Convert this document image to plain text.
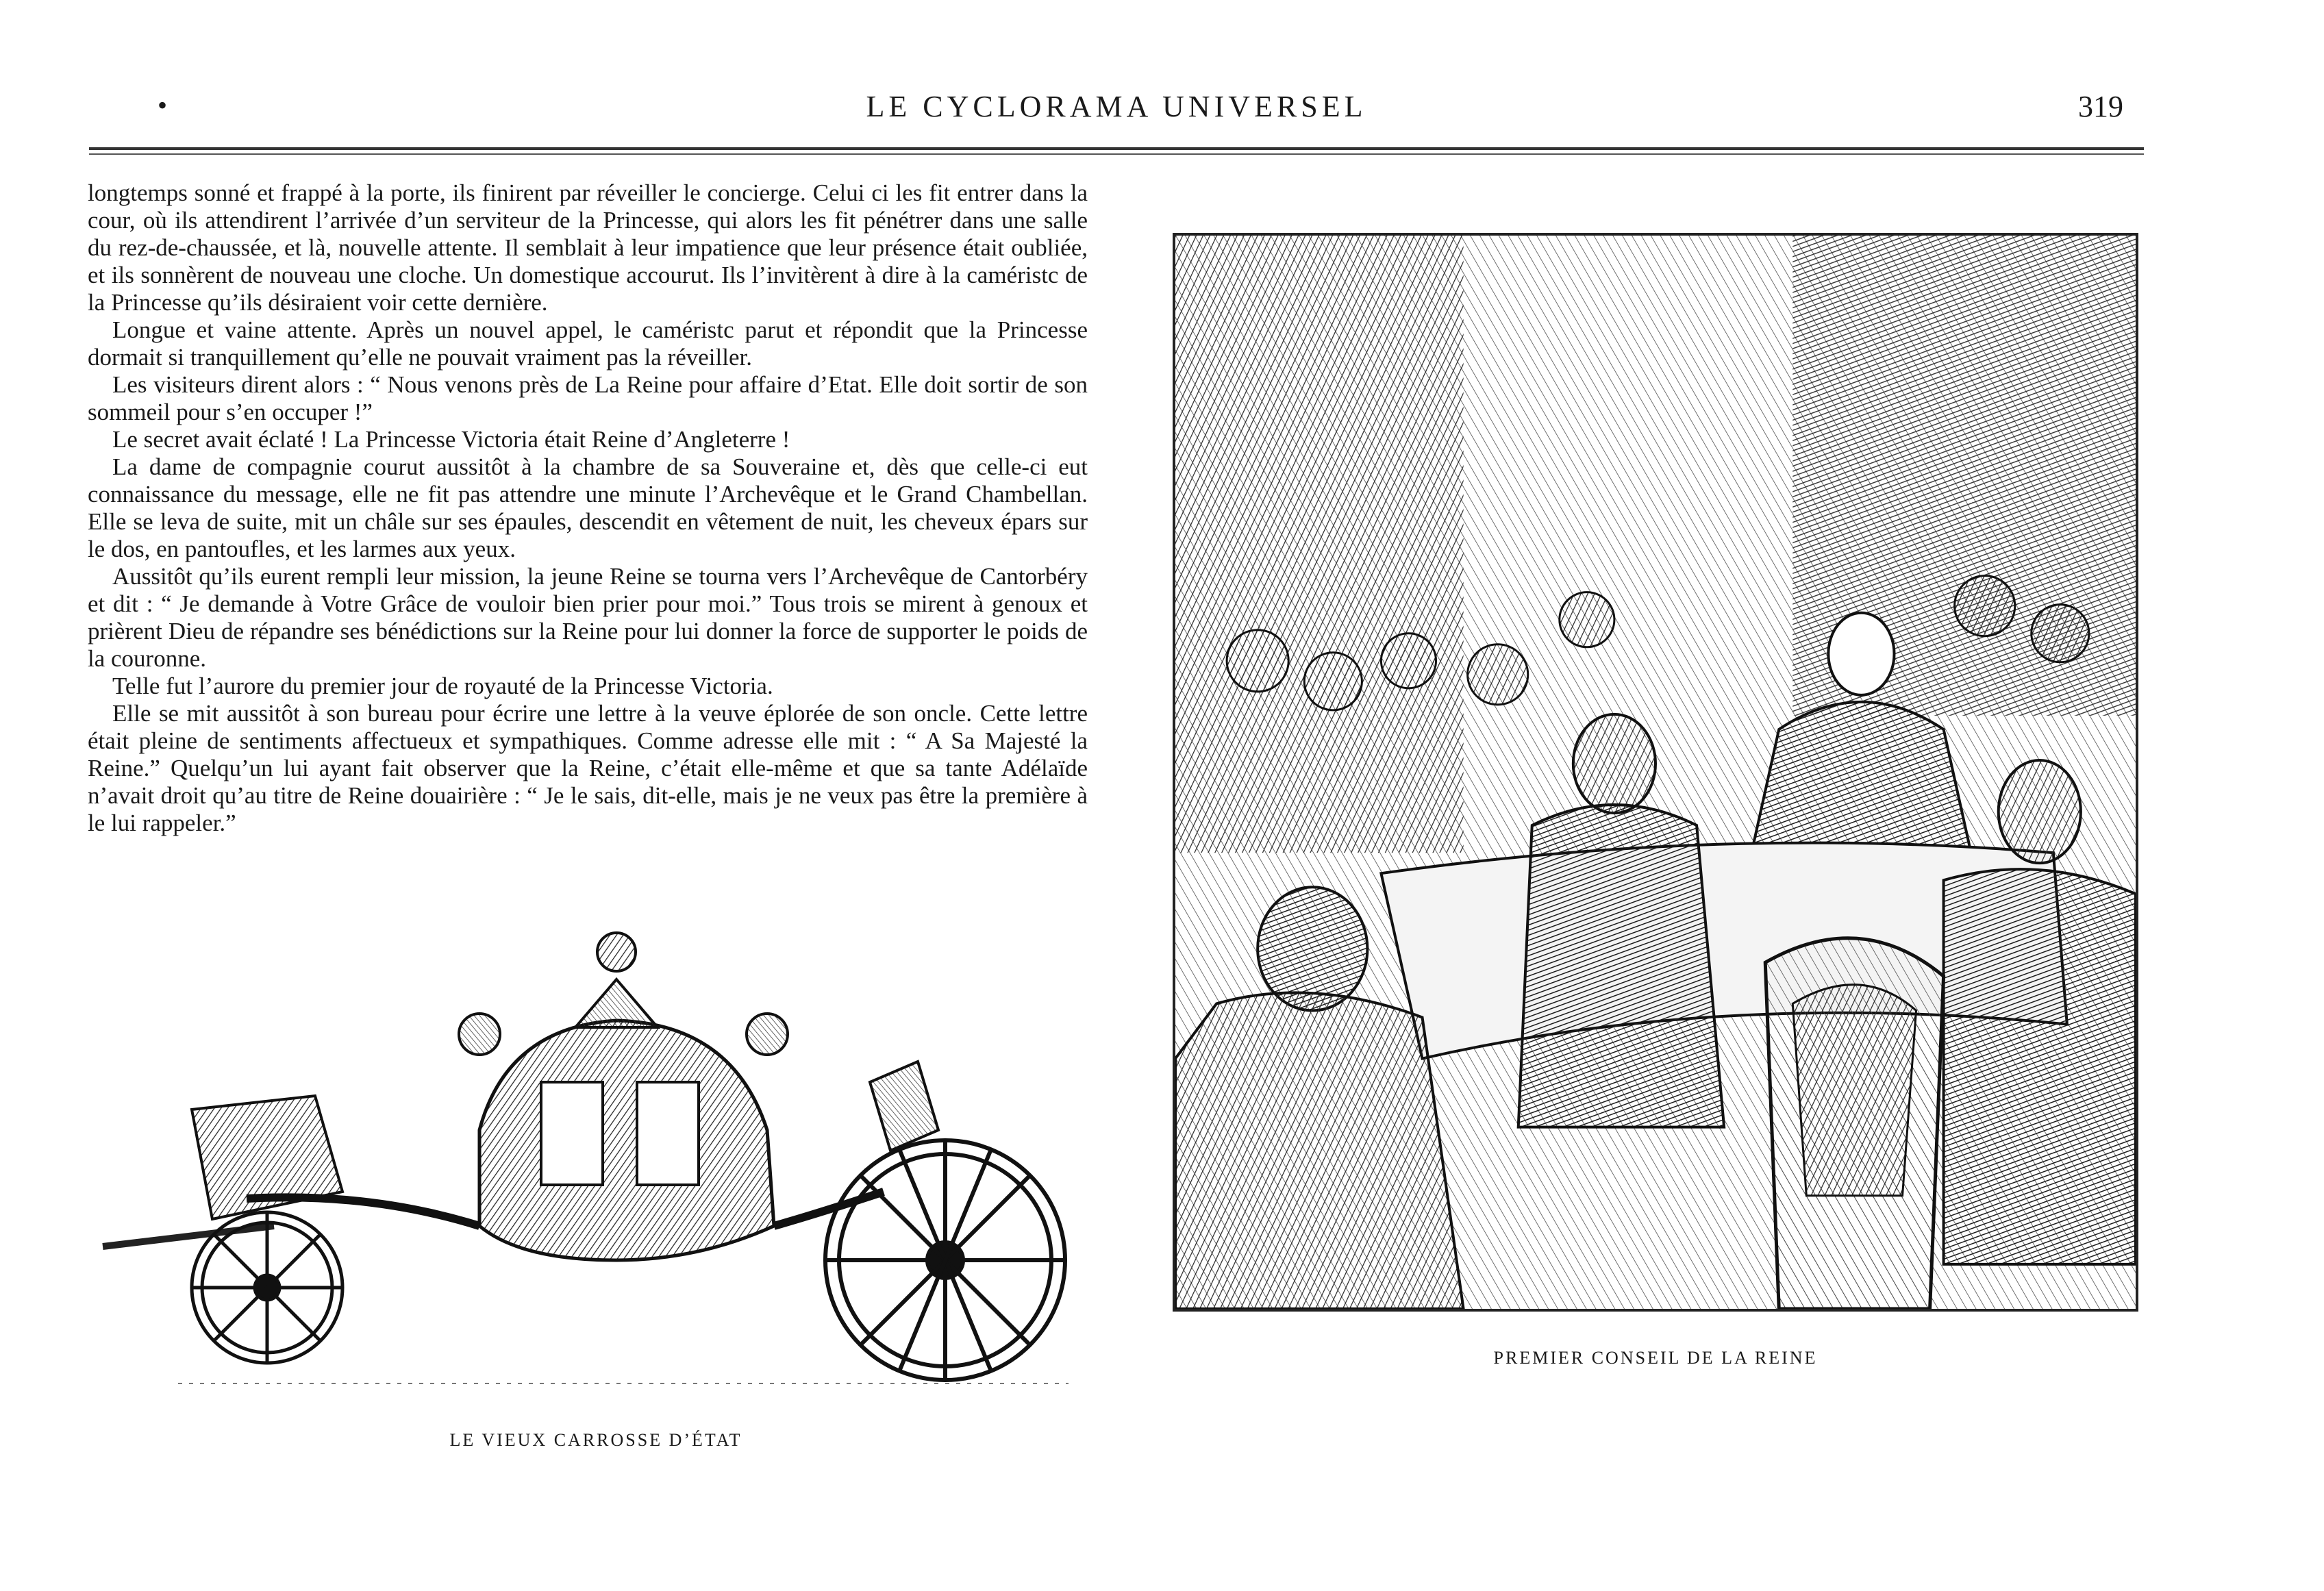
•	LE CYCLORAMA UNIVERSEL	319

longtemps sonné et frappé à la porte, ils finirent par réveiller le concierge. Celui ci les fit entrer dans la cour, où ils attendirent l’arrivée d’un serviteur de la Princesse, qui alors les fit pénétrer dans une salle du rez-de-chaussée, et là, nouvelle attente. Il semblait à leur impatience que leur présence était oubliée, et ils sonnèrent de nouveau une cloche. Un domestique accourut. Ils l’invitèrent à dire à la caméristc de la Princesse qu’ils désiraient voir cette dernière.

Longue et vaine attente. Après un nouvel appel, le caméristc parut et répondit que la Princesse dormait si tranquillement qu’elle ne pouvait vraiment pas la réveiller.

Les visiteurs dirent alors : “ Nous venons près de La Reine pour affaire d’Etat. Elle doit sortir de son sommeil pour s’en occuper !”

Le secret avait éclaté ! La Princesse Victoria était Reine d’Angleterre !

La dame de compagnie courut aussitôt à la chambre de sa Souveraine et, dès que celle-ci eut connaissance du message, elle ne fit pas attendre une minute l’Archevêque et le Grand Chambellan. Elle se leva de suite, mit un châle sur ses épaules, descendit en vêtement de nuit, les cheveux épars sur le dos, en pantoufles, et les larmes aux yeux.

Aussitôt qu’ils eurent rempli leur mission, la jeune Reine se tourna vers l’Archevêque de Cantorbéry et dit : “ Je demande à Votre Grâce de vouloir bien prier pour moi.” Tous trois se mirent à genoux et prièrent Dieu de répandre ses bénédictions sur la Reine pour lui donner la force de supporter le poids de la couronne.

Telle fut l’aurore du premier jour de royauté de la Princesse Victoria.

Elle se mit aussitôt à son bureau pour écrire une lettre à la veuve éplorée de son oncle. Cette lettre était pleine de sentiments affectueux et sympathiques. Comme adresse elle mit : “ A Sa Majesté la Reine.” Quelqu’un lui ayant fait observer que la Reine, c’était elle-même et que sa tante Adélaïde n’avait droit qu’au titre de Reine douairière : “ Je le sais, dit-elle, mais je ne veux pas être la première à le lui rappeler.”

LE VIEUX CARROSSE D’ÉTAT
PREMIER CONSEIL DE LA REINE
